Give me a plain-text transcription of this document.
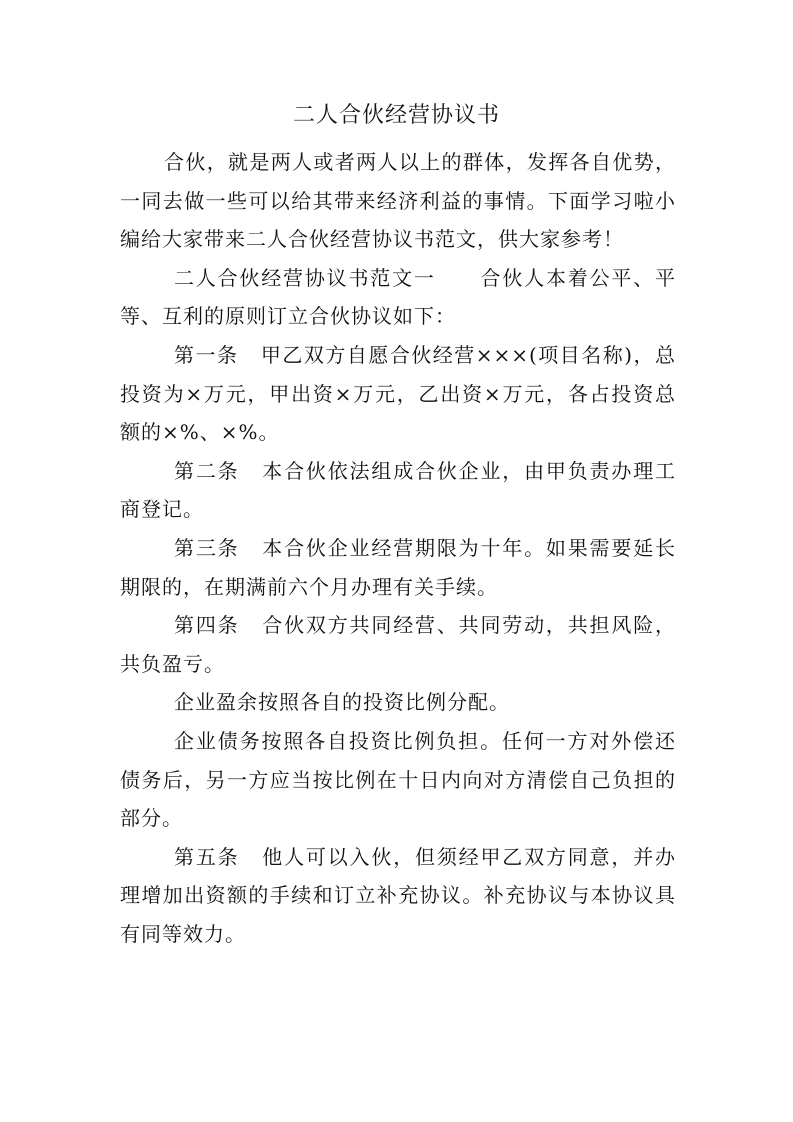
二人合伙经营协议书

合伙，就是两人或者两人以上的群体，发挥各自优势，一同去做一些可以给其带来经济利益的事情。下面学习啦小编给大家带来二人合伙经营协议书范文，供大家参考！

二人合伙经营协议书范文一 合伙人本着公平、平等、互利的原则订立合伙协议如下：

第一条 甲乙双方自愿合伙经营×××(项目名称)，总投资为×万元，甲出资×万元，乙出资×万元，各占投资总额的×%、×%。

第二条 本合伙依法组成合伙企业，由甲负责办理工商登记。

第三条 本合伙企业经营期限为十年。如果需要延长期限的，在期满前六个月办理有关手续。

第四条 合伙双方共同经营、共同劳动，共担风险，共负盈亏。

企业盈余按照各自的投资比例分配。

企业债务按照各自投资比例负担。任何一方对外偿还债务后，另一方应当按比例在十日内向对方清偿自己负担的部分。

第五条 他人可以入伙，但须经甲乙双方同意，并办理增加出资额的手续和订立补充协议。补充协议与本协议具有同等效力。
